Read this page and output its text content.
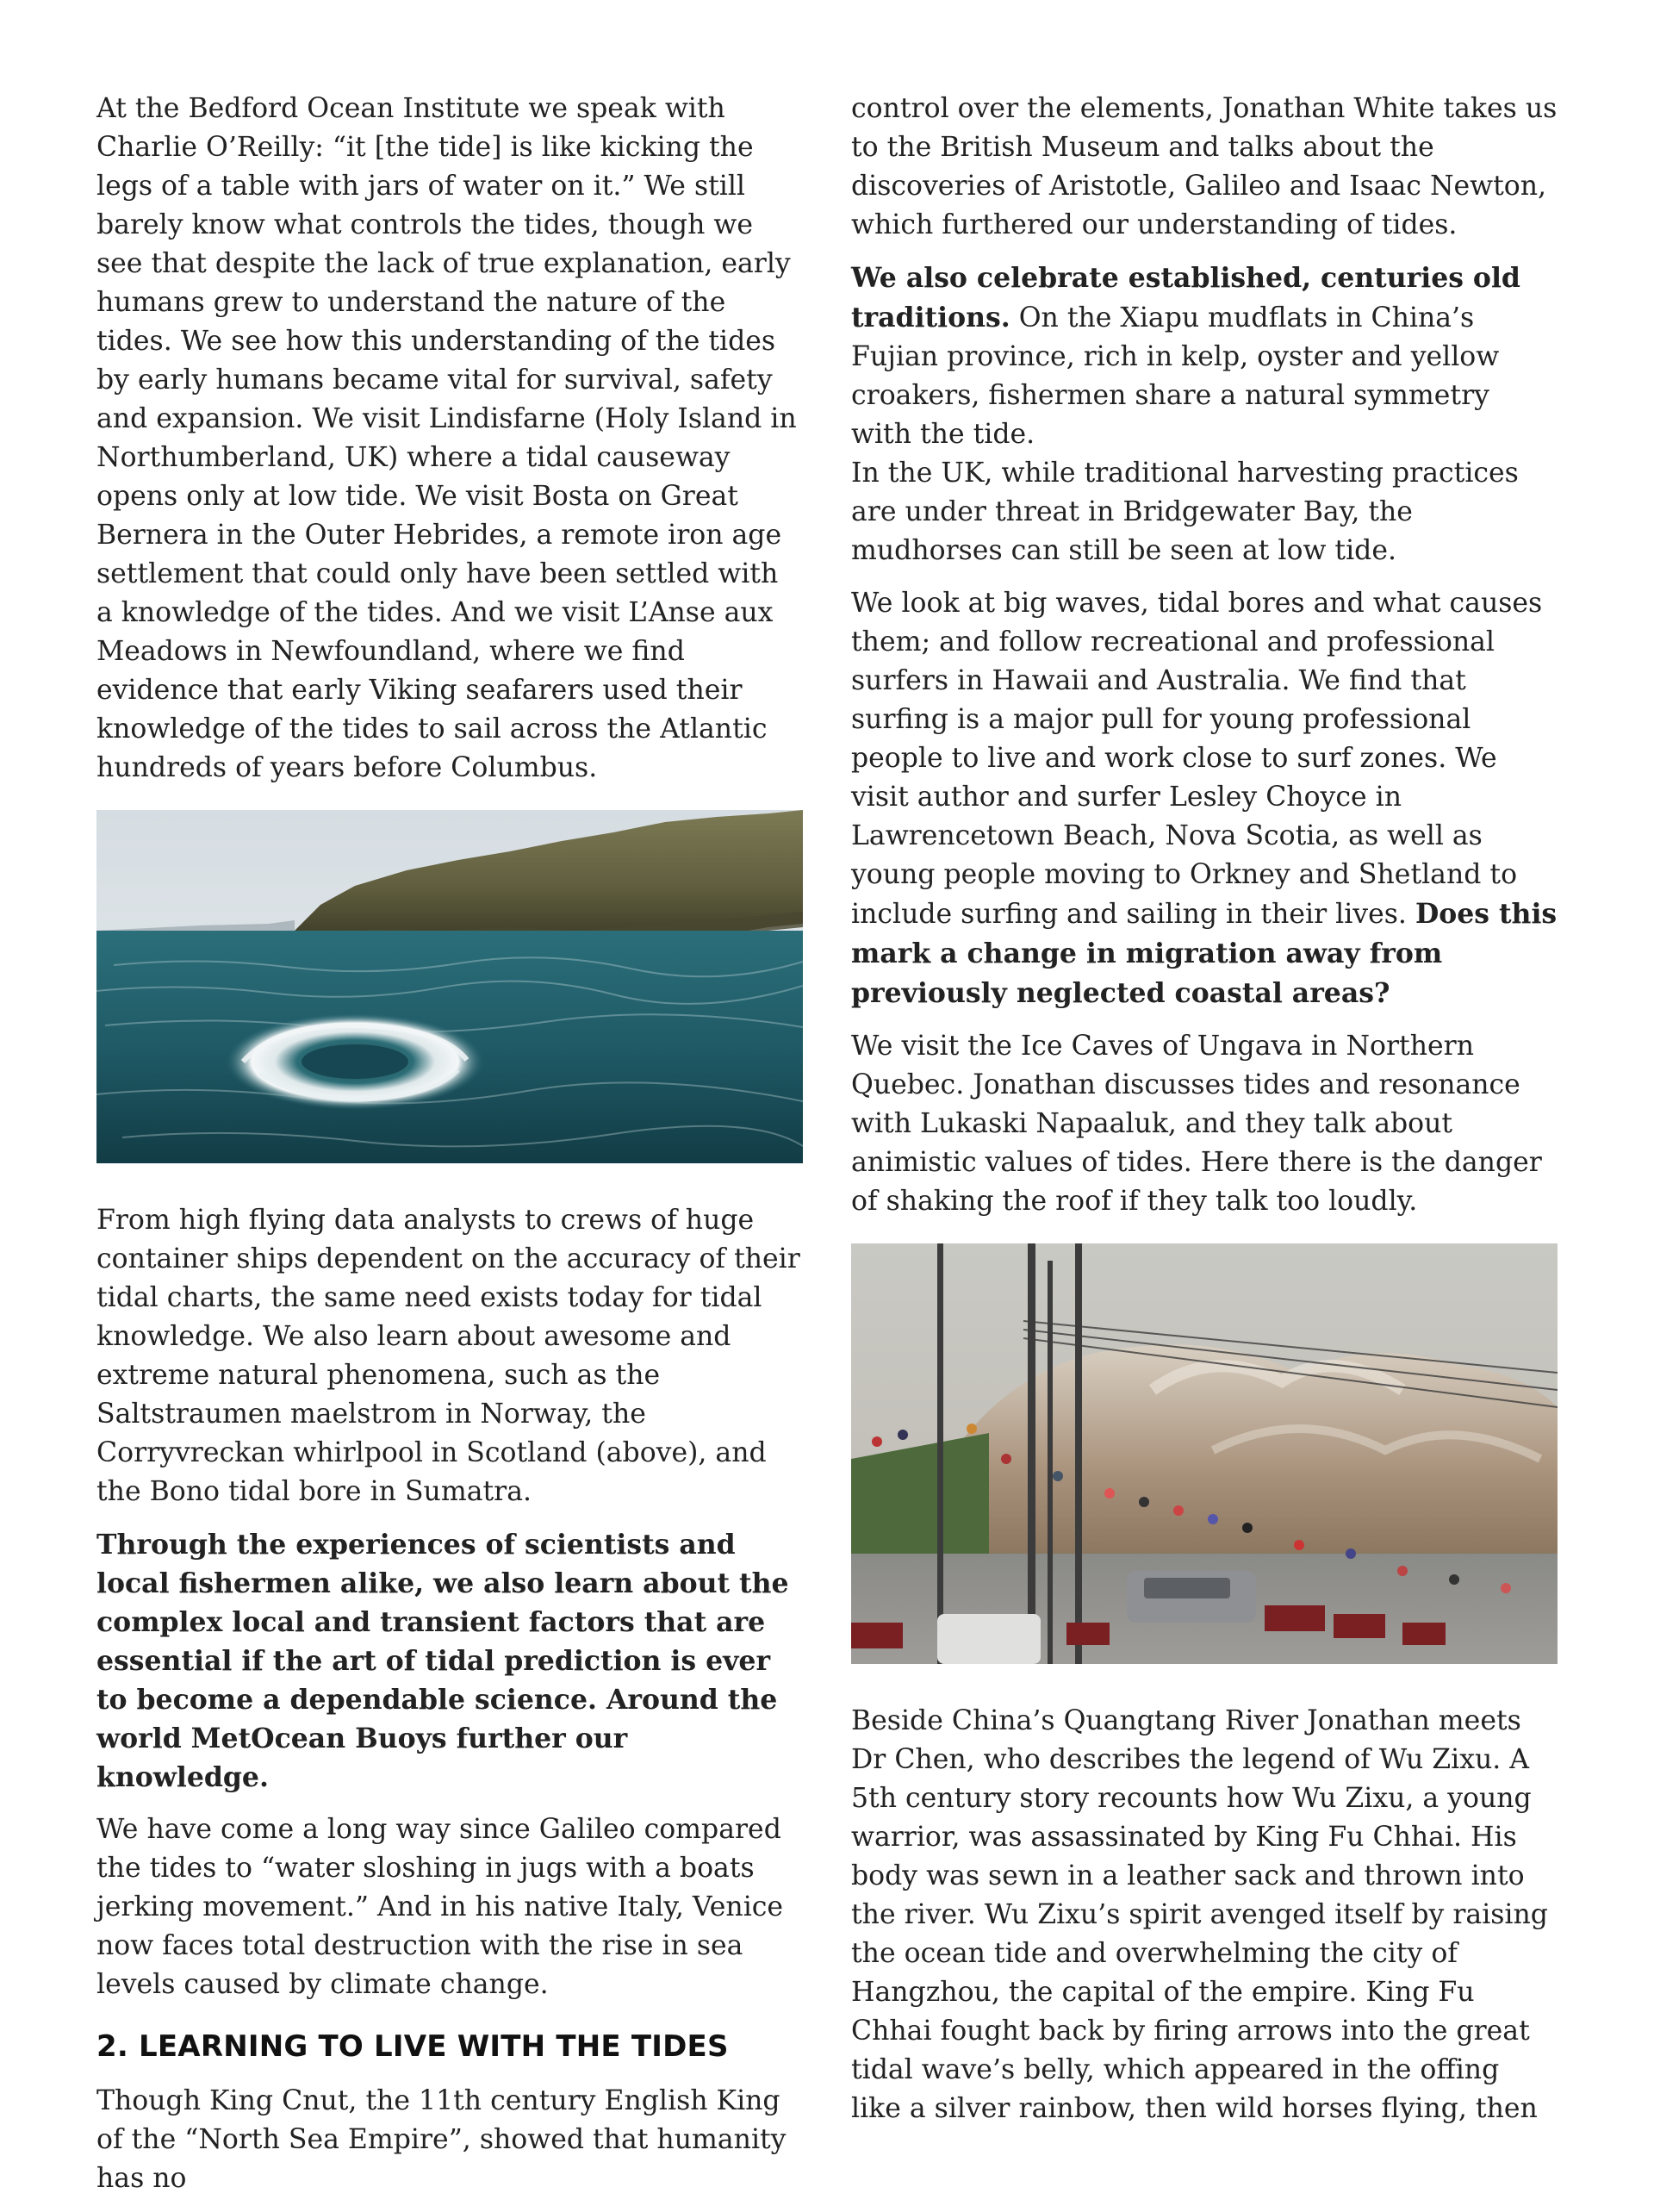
At the Bedford Ocean Institute we speak with Charlie O’Reilly: “it [the tide] is like kicking the legs of a table with jars of water on it.” We still barely know what controls the tides, though we see that despite the lack of true explanation, early humans grew to understand the nature of the tides. We see how this understanding of the tides by early humans became vital for survival, safety and expansion. We visit Lindisfarne (Holy Island in Northumberland, UK) where a tidal causeway opens only at low tide. We visit Bosta on Great Bernera in the Outer Hebrides, a remote iron age settlement that could only have been settled with a knowledge of the tides. And we visit L’Anse aux Meadows in Newfoundland, where we find evidence that early Viking seafarers used their knowledge of the tides to sail across the Atlantic hundreds of years before Columbus.

From high flying data analysts to crews of huge container ships dependent on the accuracy of their tidal charts, the same need exists today for tidal knowledge. We also learn about awesome and extreme natural phenomena, such as the Saltstraumen maelstrom in Norway, the Corryvreckan whirlpool in Scotland (above), and the Bono tidal bore in Sumatra.

Through the experiences of scientists and local fishermen alike, we also learn about the complex local and transient factors that are essential if the art of tidal prediction is ever to become a dependable science. Around the world MetOcean Buoys further our knowledge.

We have come a long way since Galileo compared the tides to “water sloshing in jugs with a boats jerking movement.” And in his native Italy, Venice now faces total destruction with the rise in sea levels caused by climate change.

2. LEARNING TO LIVE WITH THE TIDES

Though King Cnut, the 11th century English King of the “North Sea Empire”, showed that humanity has no

control over the elements, Jonathan White takes us to the British Museum and talks about the discoveries of Aristotle, Galileo and Isaac Newton, which furthered our understanding of tides.

We also celebrate established, centuries old traditions. On the Xiapu mudflats in China’s Fujian province, rich in kelp, oyster and yellow croakers, fishermen share a natural symmetry with the tide.
In the UK, while traditional harvesting practices are under threat in Bridgewater Bay, the mudhorses can still be seen at low tide.

We look at big waves, tidal bores and what causes them; and follow recreational and professional surfers in Hawaii and Australia. We find that surfing is a major pull for young professional people to live and work close to surf zones. We visit author and surfer Lesley Choyce in Lawrencetown Beach, Nova Scotia, as well as young people moving to Orkney and Shetland to include surfing and sailing in their lives. Does this mark a change in migration away from previously neglected coastal areas?

We visit the Ice Caves of Ungava in Northern Quebec. Jonathan discusses tides and resonance with Lukaski Napaaluk, and they talk about animistic values of tides. Here there is the danger of shaking the roof if they talk too loudly.

Beside China’s Quangtang River Jonathan meets Dr Chen, who describes the legend of Wu Zixu. A 5th century story recounts how Wu Zixu, a young warrior, was assassinated by King Fu Chhai. His body was sewn in a leather sack and thrown into the river. Wu Zixu’s spirit avenged itself by raising the ocean tide and overwhelming the city of Hangzhou, the capital of the empire. King Fu Chhai fought back by firing arrows into the great tidal wave’s belly, which appeared in the offing like a silver rainbow, then wild horses flying, then
